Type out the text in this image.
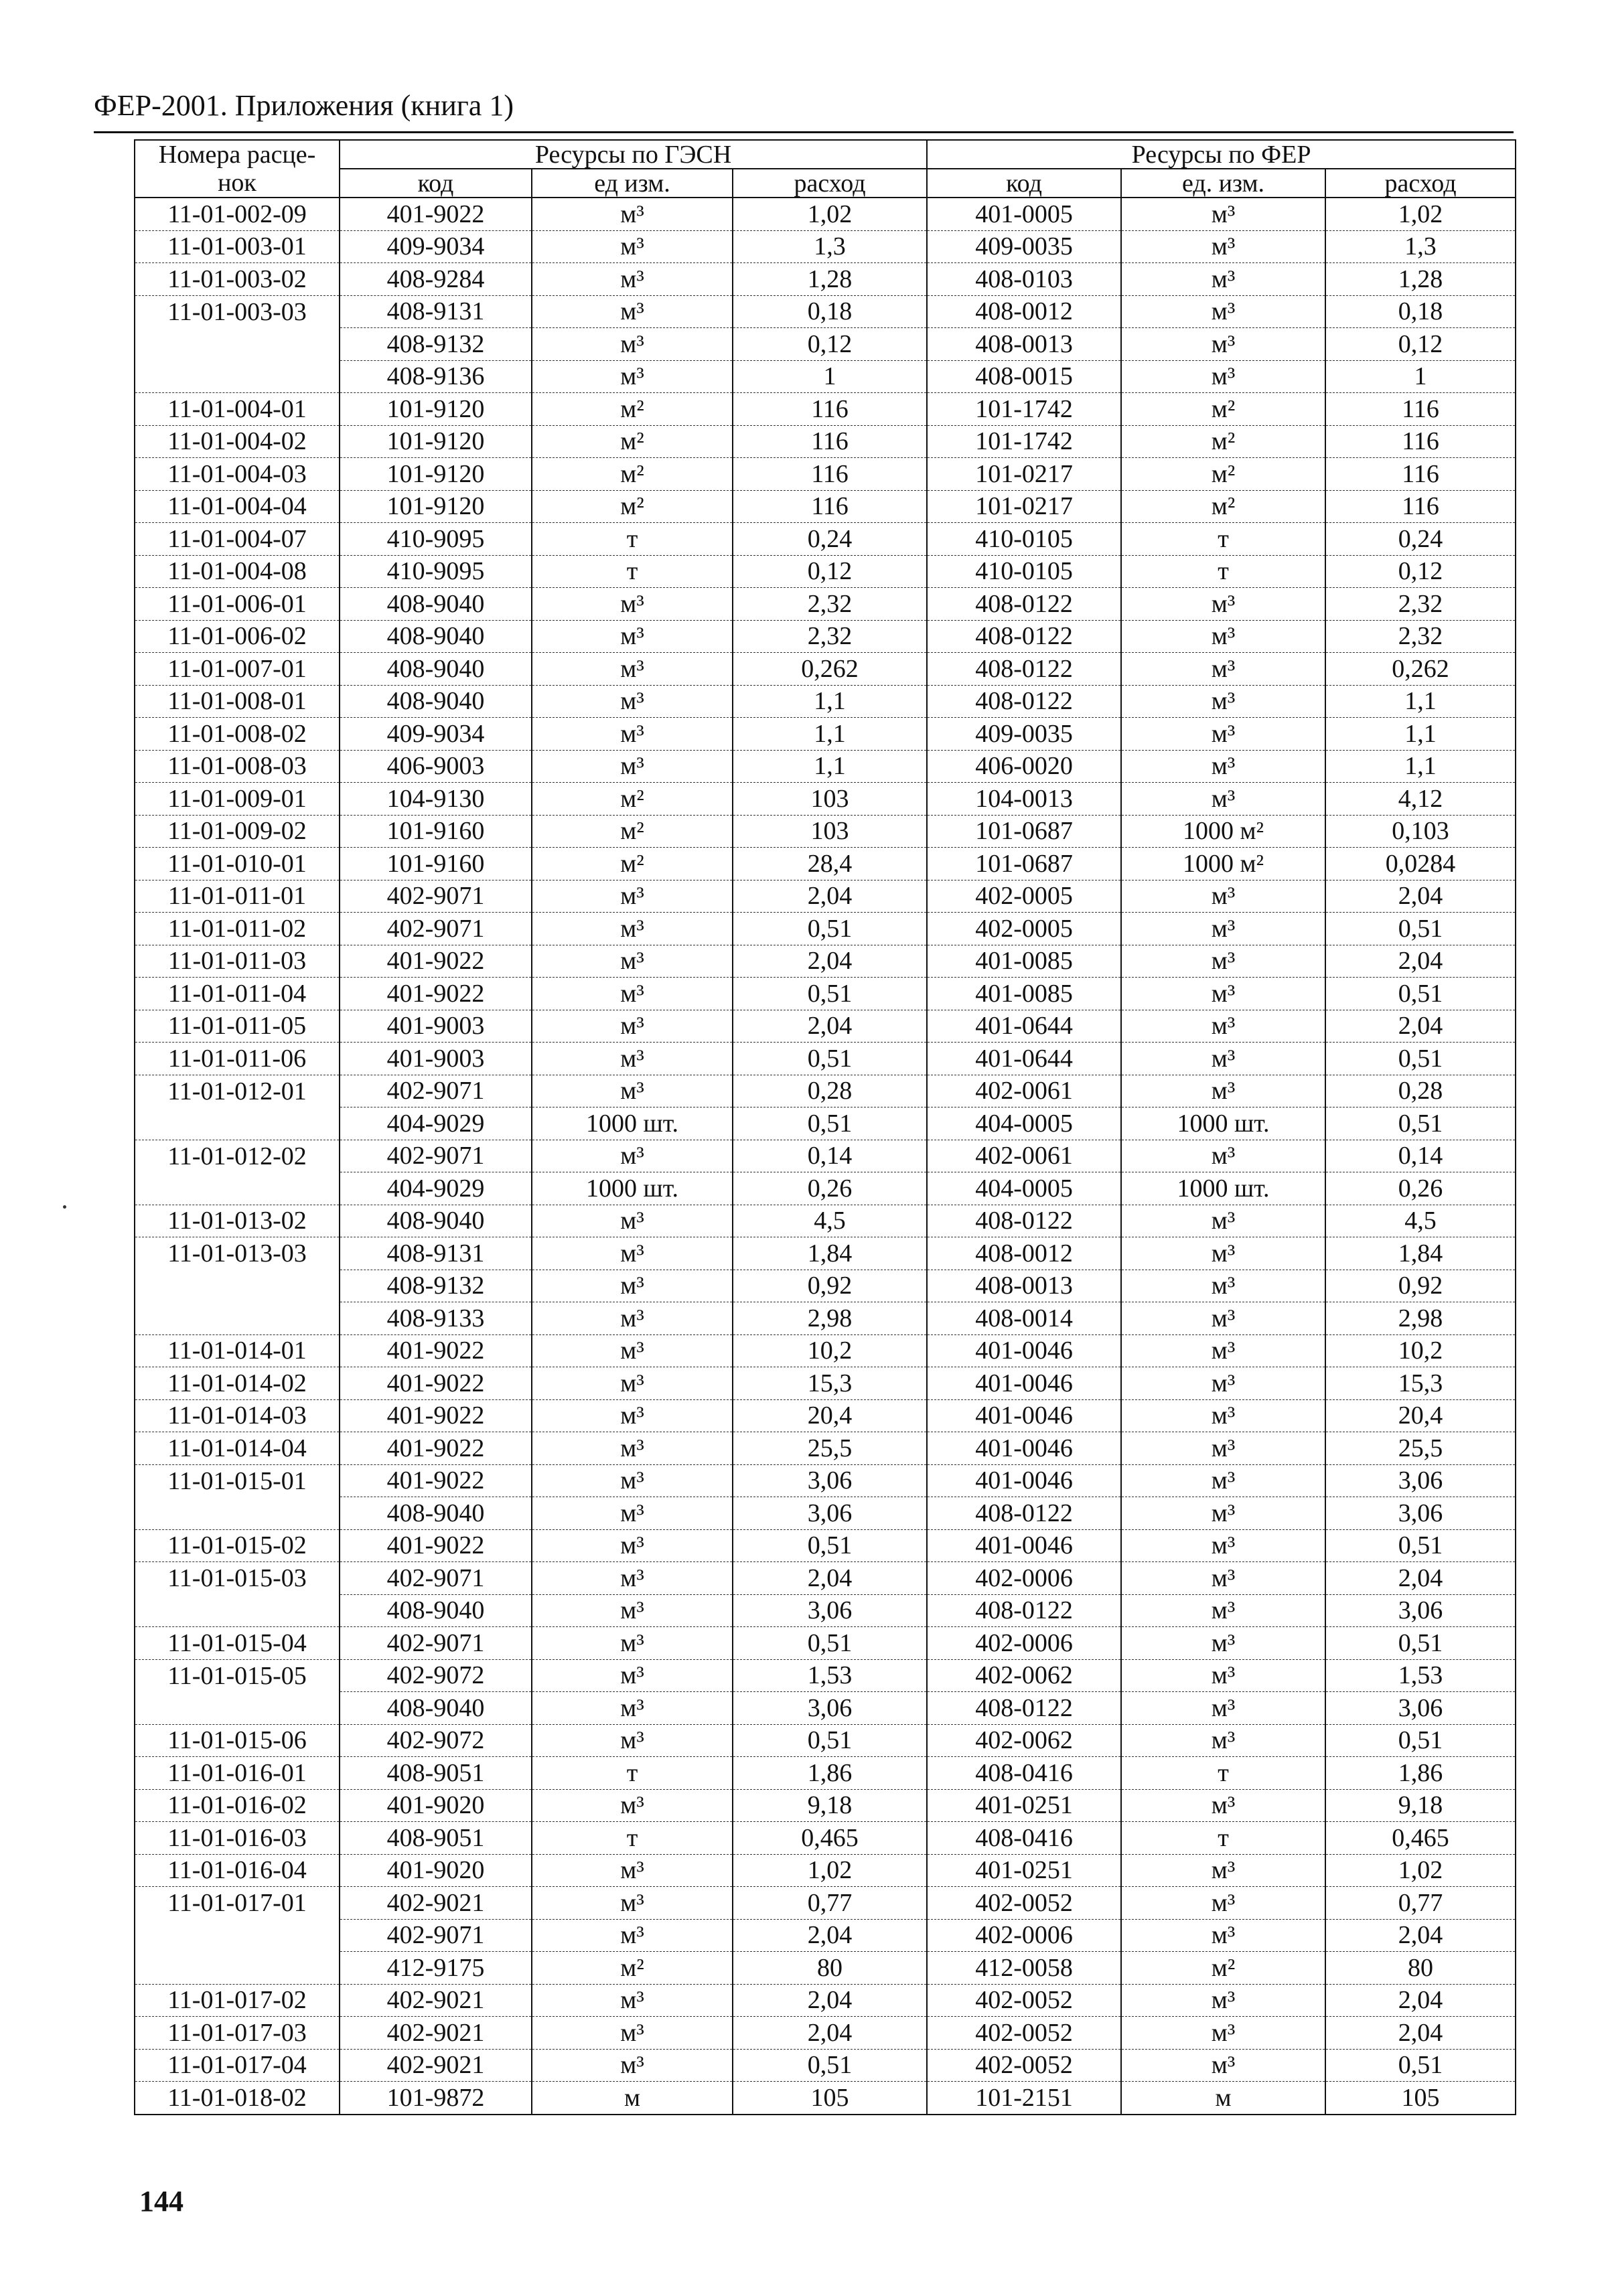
ФЕР-2001. Приложения (книга 1)
Номера расце-нок	Ресурсы по ГЭСН			Ресурсы по ФЕР		
	код	ед изм.	расход	код	ед. изм.	расход
11-01-002-09	401-9022	м³	1,02	401-0005	м³	1,02
11-01-003-01	409-9034	м³	1,3	409-0035	м³	1,3
11-01-003-02	408-9284	м³	1,28	408-0103	м³	1,28
11-01-003-03	408-9131	м³	0,18	408-0012	м³	0,18
	408-9132	м³	0,12	408-0013	м³	0,12
	408-9136	м³	1	408-0015	м³	1
11-01-004-01	101-9120	м²	116	101-1742	м²	116
11-01-004-02	101-9120	м²	116	101-1742	м²	116
11-01-004-03	101-9120	м²	116	101-0217	м²	116
11-01-004-04	101-9120	м²	116	101-0217	м²	116
11-01-004-07	410-9095	т	0,24	410-0105	т	0,24
11-01-004-08	410-9095	т	0,12	410-0105	т	0,12
11-01-006-01	408-9040	м³	2,32	408-0122	м³	2,32
11-01-006-02	408-9040	м³	2,32	408-0122	м³	2,32
11-01-007-01	408-9040	м³	0,262	408-0122	м³	0,262
11-01-008-01	408-9040	м³	1,1	408-0122	м³	1,1
11-01-008-02	409-9034	м³	1,1	409-0035	м³	1,1
11-01-008-03	406-9003	м³	1,1	406-0020	м³	1,1
11-01-009-01	104-9130	м²	103	104-0013	м³	4,12
11-01-009-02	101-9160	м²	103	101-0687	1000 м²	0,103
11-01-010-01	101-9160	м²	28,4	101-0687	1000 м²	0,0284
11-01-011-01	402-9071	м³	2,04	402-0005	м³	2,04
11-01-011-02	402-9071	м³	0,51	402-0005	м³	0,51
11-01-011-03	401-9022	м³	2,04	401-0085	м³	2,04
11-01-011-04	401-9022	м³	0,51	401-0085	м³	0,51
11-01-011-05	401-9003	м³	2,04	401-0644	м³	2,04
11-01-011-06	401-9003	м³	0,51	401-0644	м³	0,51
11-01-012-01	402-9071	м³	0,28	402-0061	м³	0,28
	404-9029	1000 шт.	0,51	404-0005	1000 шт.	0,51
11-01-012-02	402-9071	м³	0,14	402-0061	м³	0,14
	404-9029	1000 шт.	0,26	404-0005	1000 шт.	0,26
11-01-013-02	408-9040	м³	4,5	408-0122	м³	4,5
11-01-013-03	408-9131	м³	1,84	408-0012	м³	1,84
	408-9132	м³	0,92	408-0013	м³	0,92
	408-9133	м³	2,98	408-0014	м³	2,98
11-01-014-01	401-9022	м³	10,2	401-0046	м³	10,2
11-01-014-02	401-9022	м³	15,3	401-0046	м³	15,3
11-01-014-03	401-9022	м³	20,4	401-0046	м³	20,4
11-01-014-04	401-9022	м³	25,5	401-0046	м³	25,5
11-01-015-01	401-9022	м³	3,06	401-0046	м³	3,06
	408-9040	м³	3,06	408-0122	м³	3,06
11-01-015-02	401-9022	м³	0,51	401-0046	м³	0,51
11-01-015-03	402-9071	м³	2,04	402-0006	м³	2,04
	408-9040	м³	3,06	408-0122	м³	3,06
11-01-015-04	402-9071	м³	0,51	402-0006	м³	0,51
11-01-015-05	402-9072	м³	1,53	402-0062	м³	1,53
	408-9040	м³	3,06	408-0122	м³	3,06
11-01-015-06	402-9072	м³	0,51	402-0062	м³	0,51
11-01-016-01	408-9051	т	1,86	408-0416	т	1,86
11-01-016-02	401-9020	м³	9,18	401-0251	м³	9,18
11-01-016-03	408-9051	т	0,465	408-0416	т	0,465
11-01-016-04	401-9020	м³	1,02	401-0251	м³	1,02
11-01-017-01	402-9021	м³	0,77	402-0052	м³	0,77
	402-9071	м³	2,04	402-0006	м³	2,04
	412-9175	м²	80	412-0058	м²	80
11-01-017-02	402-9021	м³	2,04	402-0052	м³	2,04
11-01-017-03	402-9021	м³	2,04	402-0052	м³	2,04
11-01-017-04	402-9021	м³	0,51	402-0052	м³	0,51
11-01-018-02	101-9872	м	105	101-2151	м	105
144
